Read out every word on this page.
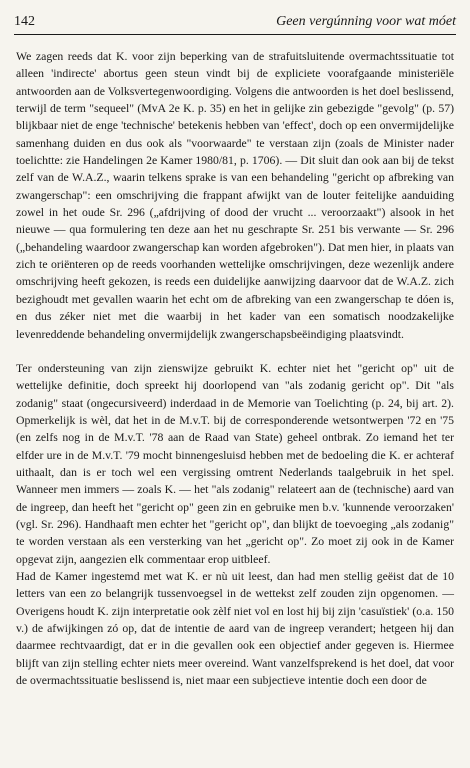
142	Geen vergúnning voor wat móet

We zagen reeds dat K. voor zijn beperking van de strafuitsluitende overmachtssituatie tot alleen 'indirecte' abortus geen steun vindt bij de expliciete voorafgaande ministeriële antwoorden aan de Volksvertegenwoordiging. Volgens die antwoorden is het doel beslissend, terwijl de term "sequeel" (MvA 2e K. p. 35) en het in gelijke zin gebezigde "gevolg" (p. 57) blijkbaar niet de enge 'technische' betekenis hebben van 'effect', doch op een onvermijdelijke samenhang duiden en dus ook als "voorwaarde" te verstaan zijn (zoals de Minister nader toelichtte: zie Handelingen 2e Kamer 1980/81, p. 1706). — Dit sluit dan ook aan bij de tekst zelf van de W.A.Z., waarin telkens sprake is van een behandeling "gericht op afbreking van zwangerschap": een omschrijving die frappant afwijkt van de louter feitelijke aanduiding zowel in het oude Sr. 296 („afdrijving of dood der vrucht ... veroorzaakt") alsook in het nieuwe — qua formulering ten deze aan het nu geschrapte Sr. 251 bis verwante — Sr. 296 („behandeling waardoor zwangerschap kan worden afgebroken"). Dat men hier, in plaats van zich te oriënteren op de reeds voorhanden wettelijke omschrijvingen, deze wezenlijk andere omschrijving heeft gekozen, is reeds een duidelijke aanwijzing daarvoor dat de W.A.Z. zich bezighoudt met gevallen waarin het echt om de afbreking van een zwangerschap te dóen is, en dus zéker niet met die waarbij in het kader van een somatisch noodzakelijke levenreddende behandeling onvermijdelijk zwangerschapsbeëindiging plaatsvindt.

Ter ondersteuning van zijn zienswijze gebruikt K. echter niet het "gericht op" uit de wettelijke definitie, doch spreekt hij doorlopend van "als zodanig gericht op". Dit "als zodanig" staat (ongecursiveerd) inderdaad in de Memorie van Toelichting (p. 24, bij art. 2). Opmerkelijk is wèl, dat het in de M.v.T. bij de corresponderende wetsontwerpen '72 en '75 (en zelfs nog in de M.v.T. '78 aan de Raad van State) geheel ontbrak. Zo iemand het ter elfder ure in de M.v.T. '79 mocht binnengesluisd hebben met de bedoeling die K. er achteraf uithaalt, dan is er toch wel een vergissing omtrent Nederlands taalgebruik in het spel. Wanneer men immers — zoals K. — het "als zodanig" relateert aan de (technische) aard van de ingreep, dan heeft het "gericht op" geen zin en gebruike men b.v. 'kunnende veroorzaken' (vgl. Sr. 296). Handhaaft men echter het "gericht op", dan blijkt de toevoeging „als zodanig" te worden verstaan als een versterking van het „gericht op". Zo moet zij ook in de Kamer opgevat zijn, aangezien elk commentaar erop uitbleef.

Had de Kamer ingestemd met wat K. er nù uit leest, dan had men stellig geëist dat de 10 letters van een zo belangrijk tussenvoegsel in de wettekst zelf zouden zijn opgenomen. — Overigens houdt K. zijn interpretatie ook zèlf niet vol en lost hij bij zijn 'casuïstiek' (o.a. 150 v.) de afwijkingen zó op, dat de intentie de aard van de ingreep verandert; hetgeen hij dan daarmee rechtvaardigt, dat er in die gevallen ook een objectief ander gegeven is. Hiermee blijft van zijn stelling echter niets meer overeind. Want vanzelfsprekend is het doel, dat voor de overmachtssituatie beslissend is, niet maar een subjectieve intentie doch een door de
